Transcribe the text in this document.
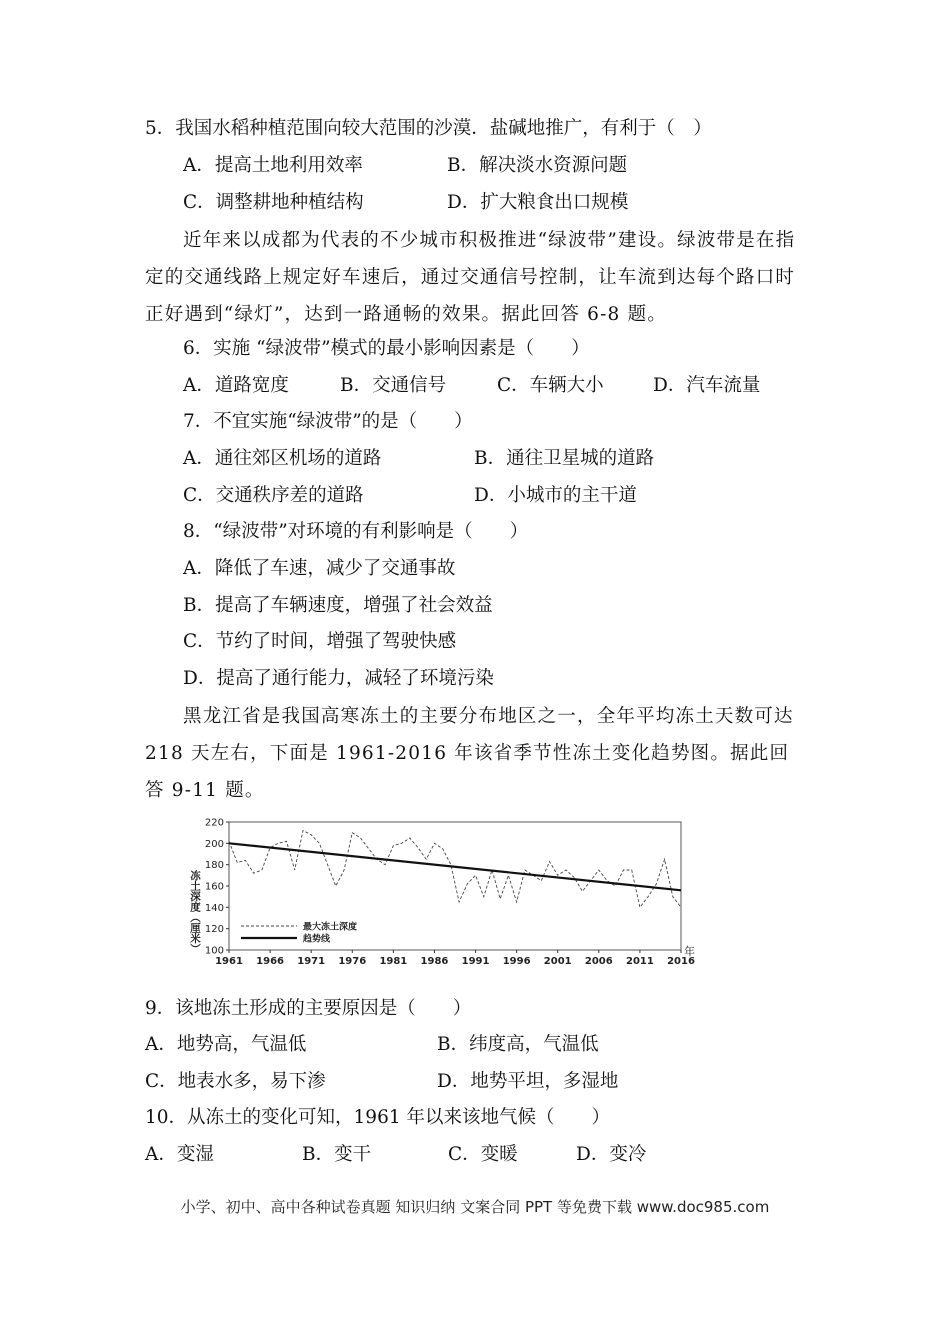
5．我国水稻种植范围向较大范围的沙漠．盐碱地推广，有利于（　）
A．提高土地利用效率	B．解决淡水资源问题
C．调整耕地种植结构	D．扩大粮食出口规模
近年来以成都为代表的不少城市积极推进“绿波带”建设。绿波带是在指定的交通线路上规定好车速后，通过交通信号控制，让车流到达每个路口时正好遇到“绿灯”，达到一路通畅的效果。据此回答 6-8 题。
6．实施 “绿波带”模式的最小影响因素是（　　）
A．道路宽度	B．交通信号	C．车辆大小	D．汽车流量
7．不宜实施“绿波带”的是（　　）
A．通往郊区机场的道路	B．通往卫星城的道路
C．交通秩序差的道路	D．小城市的主干道
8．“绿波带”对环境的有利影响是（　　）
A．降低了车速，减少了交通事故
B．提高了车辆速度，增强了社会效益
C．节约了时间，增强了驾驶快感
D．提高了通行能力，减轻了环境污染
黑龙江省是我国高寒冻土的主要分布地区之一，全年平均冻土天数可达218 天左右，下面是 1961-2016 年该省季节性冻土变化趋势图。据此回答 9-11 题。
100
120
140
160
180
200
220
1961 1966 1971 1976 1981 1986 1991 1996 2001 2006 2011 2016
年
冻土深度（厘米）	最大冻土深度
趋势线
9．该地冻土形成的主要原因是（　　）
A．地势高，气温低	B．纬度高，气温低
C．地表水多，易下渗	D．地势平坦，多湿地
10．从冻土的变化可知，1961 年以来该地气候（　　）
A．变湿	B．变干	C．变暖	D．变冷
小学、初中、高中各种试卷真题 知识归纳 文案合同 PPT 等免费下载 www.doc985.com
